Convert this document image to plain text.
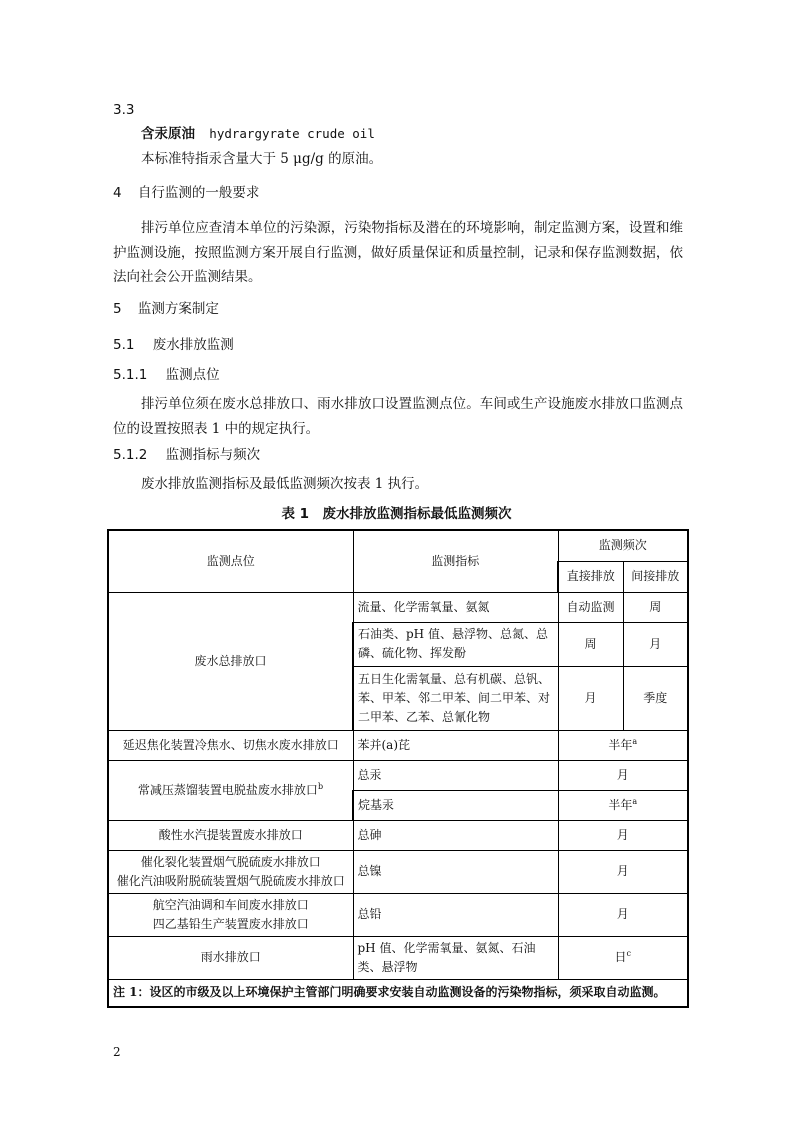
3.3
含汞原油 hydrargyrate crude oil
本标准特指汞含量大于 5 μg/g 的原油。
4 自行监测的一般要求
排污单位应查清本单位的污染源，污染物指标及潜在的环境影响，制定监测方案，设置和维护监测设施，按照监测方案开展自行监测，做好质量保证和质量控制，记录和保存监测数据，依法向社会公开监测结果。
5 监测方案制定
5.1 废水排放监测
5.1.1 监测点位
排污单位须在废水总排放口、雨水排放口设置监测点位。车间或生产设施废水排放口监测点位的设置按照表 1 中的规定执行。
5.1.2 监测指标与频次
废水排放监测指标及最低监测频次按表 1 执行。
表 1　废水排放监测指标最低监测频次
监测点位	监测指标	监测频次	
		直接排放	间接排放
废水总排放口	流量、化学需氧量、氨氮	自动监测	周
	石油类、pH 值、悬浮物、总氮、总磷、硫化物、挥发酚	周	月
	五日生化需氧量、总有机碳、总钒、苯、甲苯、邻二甲苯、间二甲苯、对二甲苯、乙苯、总氰化物	月	季度
延迟焦化装置冷焦水、切焦水废水排放口	苯并(a)芘	半年$^a$
常减压蒸馏装置电脱盐废水排放口$^b$	总汞	月	
	烷基汞	半年$^a$
酸性水汽提装置废水排放口	总砷	月	

催化裂化装置烟气脱硫废水排放口
催化汽油吸附脱硫装置烟气脱硫废水排放口	总镍	月	

航空汽油调和车间废水排放口
四乙基铅生产装置废水排放口	总铅	月	
雨水排放口	pH 值、化学需氧量、氨氮、石油类、悬浮物	日$^c$
注 1：设区的市级及以上环境保护主管部门明确要求安装自动监测设备的污染物指标，须采取自动监测。			
2
